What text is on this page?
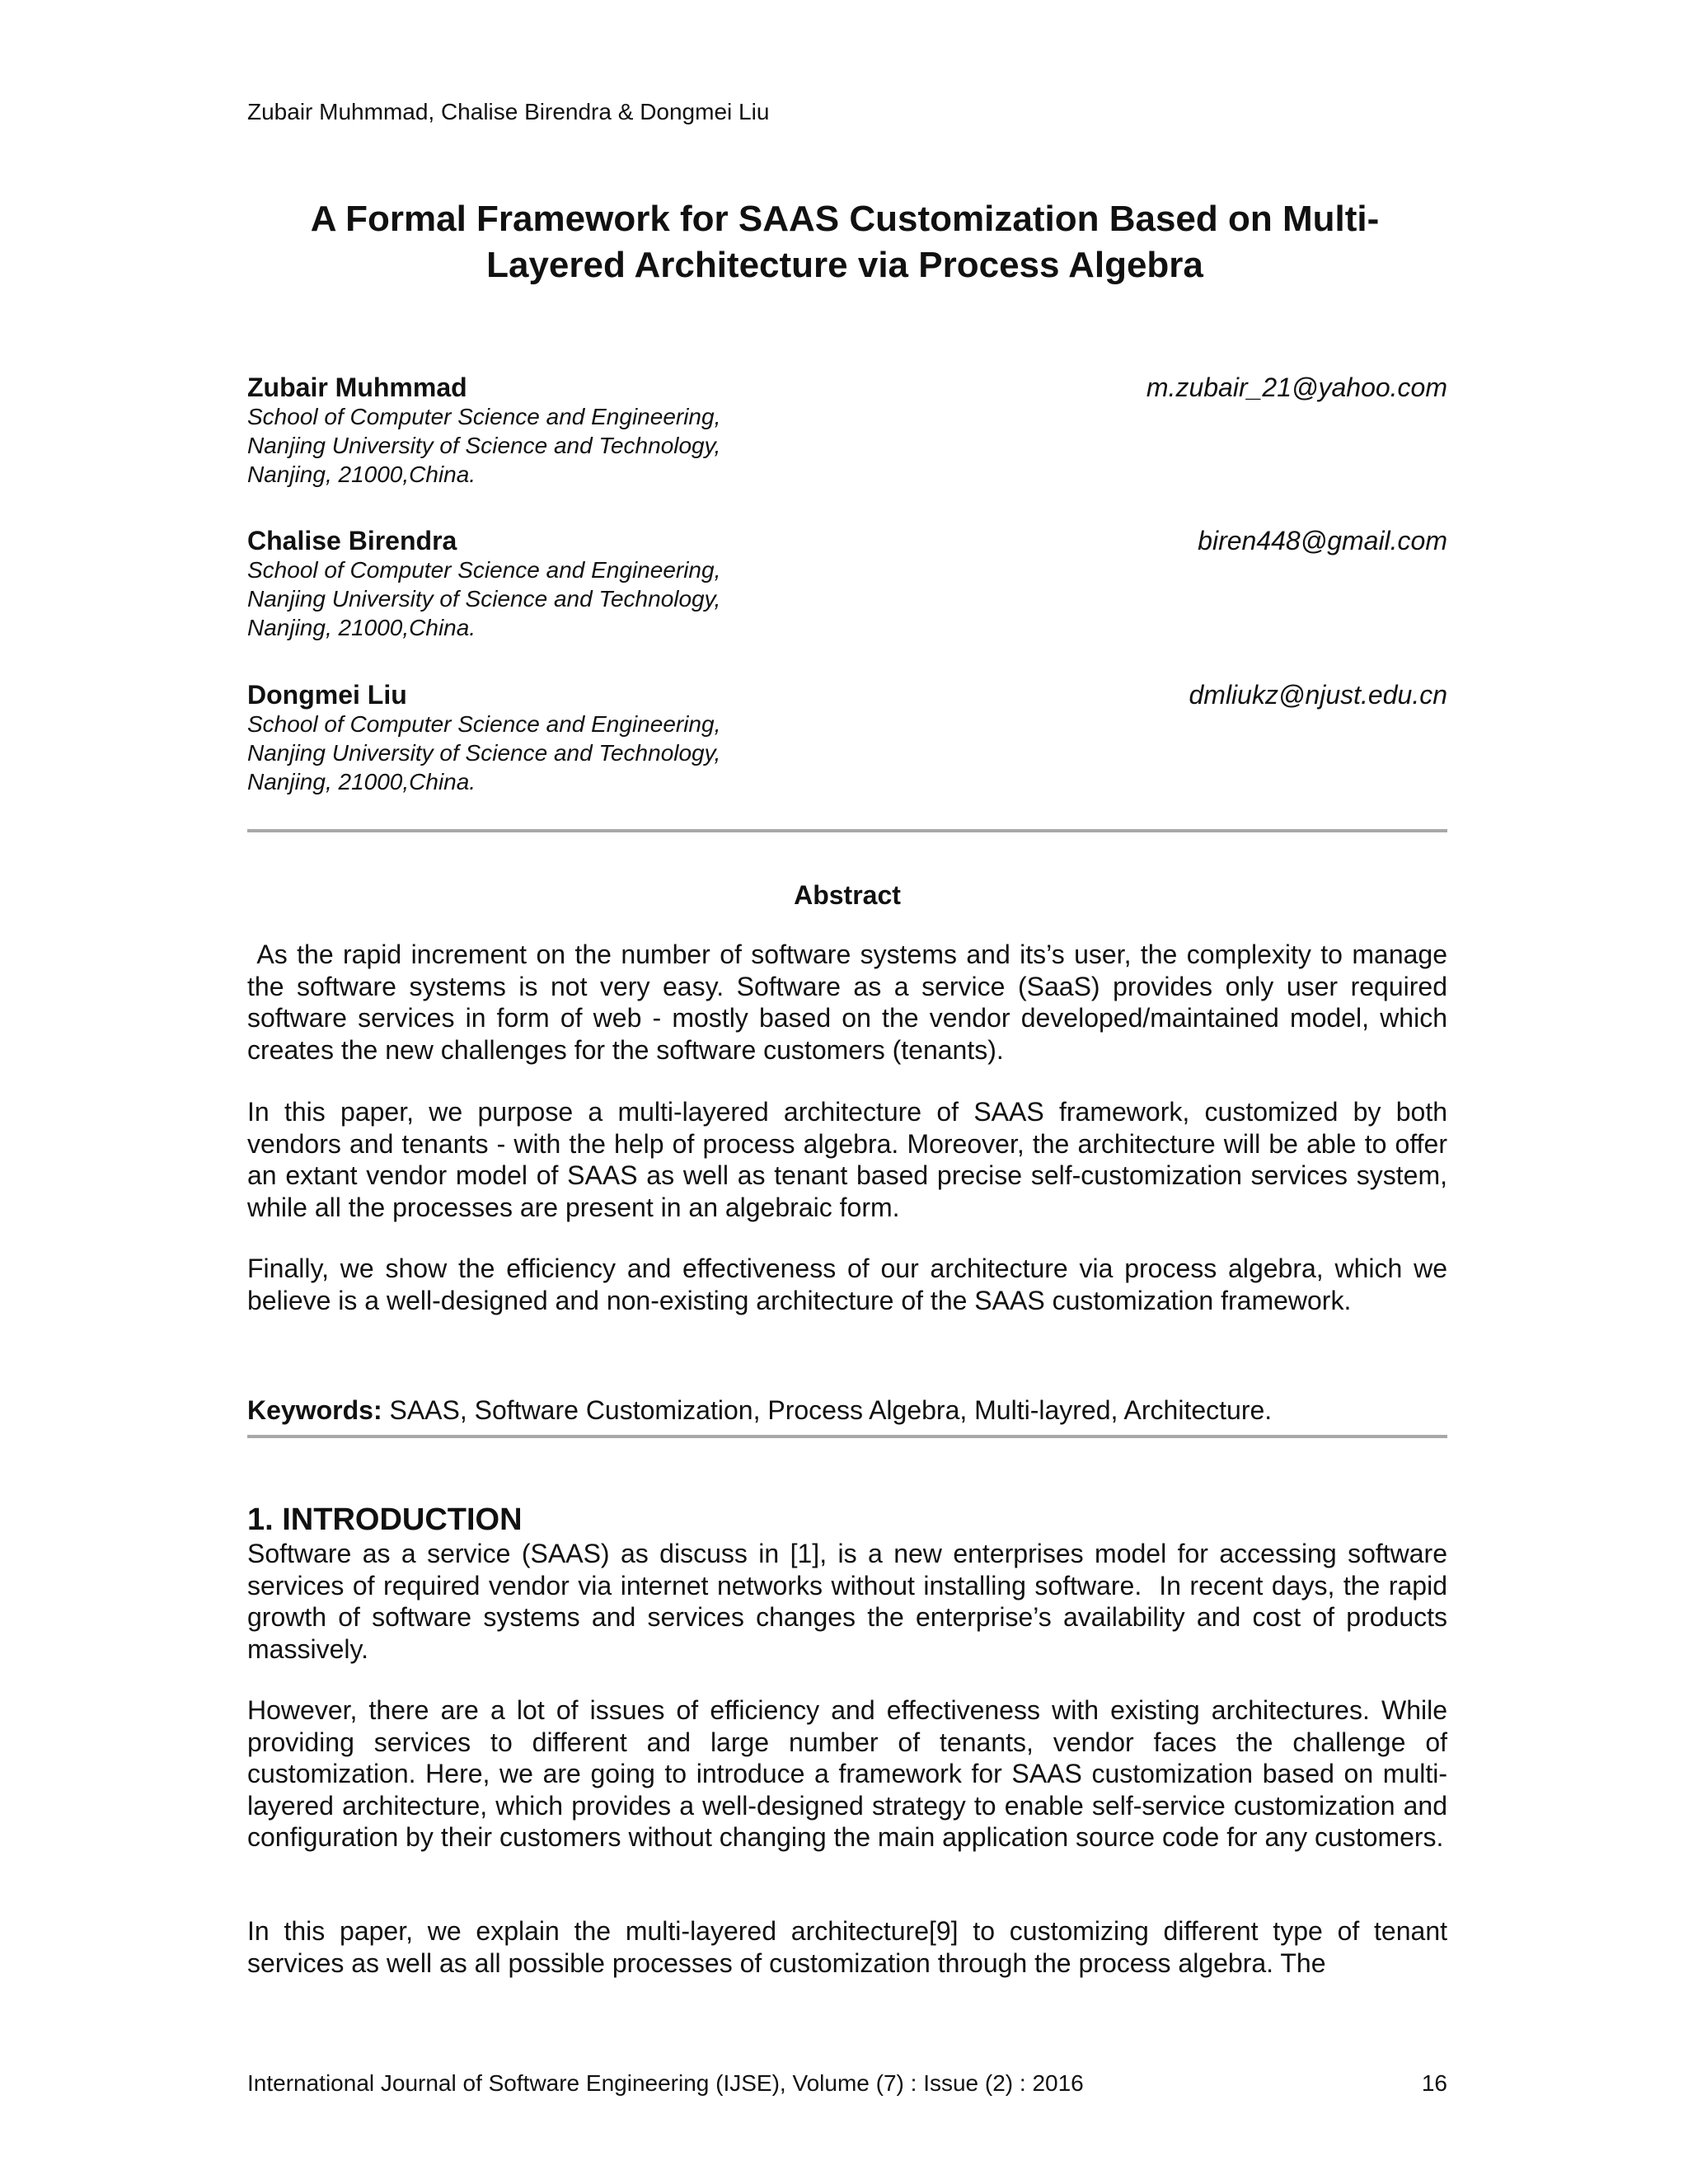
Zubair Muhmmad, Chalise Birendra & Dongmei Liu
A Formal Framework for SAAS Customization Based on Multi-
Layered Architecture via Process Algebra
Zubair Muhmmad	m.zubair_21@yahoo.com
School of Computer Science and Engineering,
Nanjing University of Science and Technology,
Nanjing, 21000,China.
Chalise Birendra	biren448@gmail.com
School of Computer Science and Engineering,
Nanjing University of Science and Technology,
Nanjing, 21000,China.
Dongmei Liu	dmliukz@njust.edu.cn
School of Computer Science and Engineering,
Nanjing University of Science and Technology,
Nanjing, 21000,China.
Abstract

As the rapid increment on the number of software systems and its’s user, the complexity to manage the software systems is not very easy. Software as a service (SaaS) provides only user required software services in form of web - mostly based on the vendor developed/maintained model, which creates the new challenges for the software customers (tenants).

In this paper, we purpose a multi-layered architecture of SAAS framework, customized by both vendors and tenants - with the help of process algebra. Moreover, the architecture will be able to offer an extant vendor model of SAAS as well as tenant based precise self-customization services system, while all the processes are present in an algebraic form.

Finally, we show the efficiency and effectiveness of our architecture via process algebra, which we believe is a well-designed and non-existing architecture of the SAAS customization framework.

Keywords: SAAS, Software Customization, Process Algebra, Multi-layred, Architecture.
1. INTRODUCTION

Software as a service (SAAS) as discuss in [1], is a new enterprises model for accessing software services of required vendor via internet networks without installing software.  In recent days, the rapid growth of software systems and services changes the enterprise’s availability and cost of products massively.

However, there are a lot of issues of efficiency and effectiveness with existing architectures. While providing services to different and large number of tenants, vendor faces the challenge of customization. Here, we are going to introduce a framework for SAAS customization based on multi-layered architecture, which provides a well-designed strategy to enable self-service customization and configuration by their customers without changing the main application source code for any customers.

In this paper, we explain the multi-layered architecture[9] to customizing different type of tenant services as well as all possible processes of customization through the process algebra. The

International Journal of Software Engineering (IJSE), Volume (7) : Issue (2) : 2016	16
